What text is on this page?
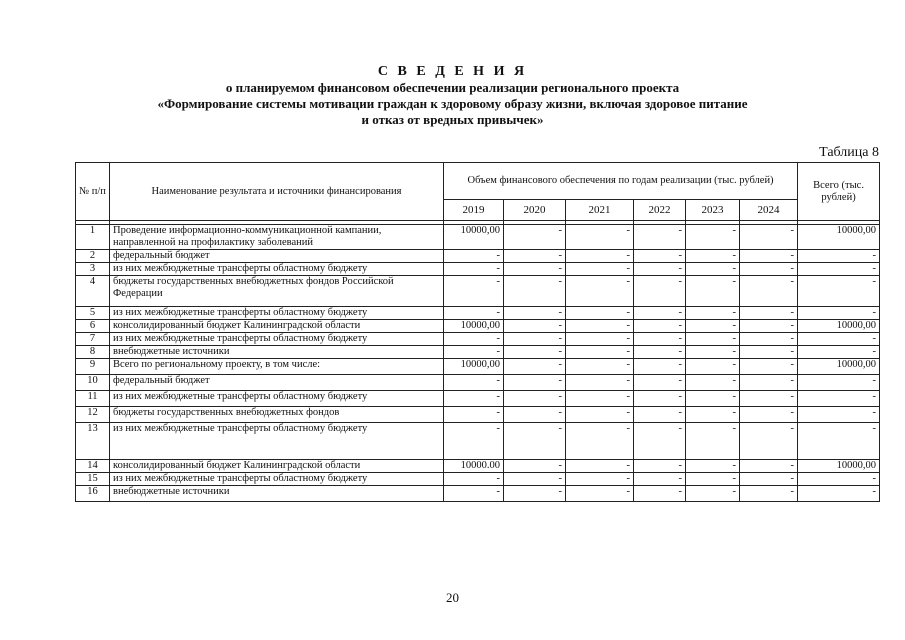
С В Е Д Е Н И Я
о планируемом финансовом обеспечении реализации регионального проекта
«Формирование системы мотивации граждан к здоровому образу жизни, включая здоровое питание
и отказ от вредных привычек»
Таблица 8
№ п/п	Наименование результата и источники финансирования	Объем финансового обеспечения по годам реализации (тыс. рублей)						Всего (тыс. рублей)
		2019	2020	2021	2022	2023	2024	

1	Проведение информационно-коммуникационной кампании, направленной на профилактику заболеваний	10000,00	-	-	-	-	-	10000,00
2	федеральный бюджет	-	-	-	-	-	-	-
3	из них межбюджетные трансферты областному бюджету	-	-	-	-	-	-	-
4	бюджеты государственных внебюджетных фондов Российской Федерации	-	-	-	-	-	-	-
5	из них межбюджетные трансферты областному бюджету	-	-	-	-	-	-	-
6	консолидированный бюджет Калининградской области	10000,00	-	-	-	-	-	10000,00
7	из них межбюджетные трансферты областному бюджету	-	-	-	-	-	-	-
8	внебюджетные источники	-	-	-	-	-	-	-
9	Всего по региональному проекту, в том числе:	10000,00	-	-	-	-	-	10000,00
10	федеральный бюджет	-	-	-	-	-	-	-
11	из них межбюджетные трансферты областному бюджету	-	-	-	-	-	-	-
12	бюджеты государственных внебюджетных фондов	-	-	-	-	-	-	-
13	из них межбюджетные трансферты областному бюджету	-	-	-	-	-	-	-
14	консолидированный бюджет Калининградской области	10000.00	-	-	-	-	-	10000,00
15	из них межбюджетные трансферты областному бюджету	-	-	-	-	-	-	-
16	внебюджетные источники	-	-	-	-	-	-	-
20
